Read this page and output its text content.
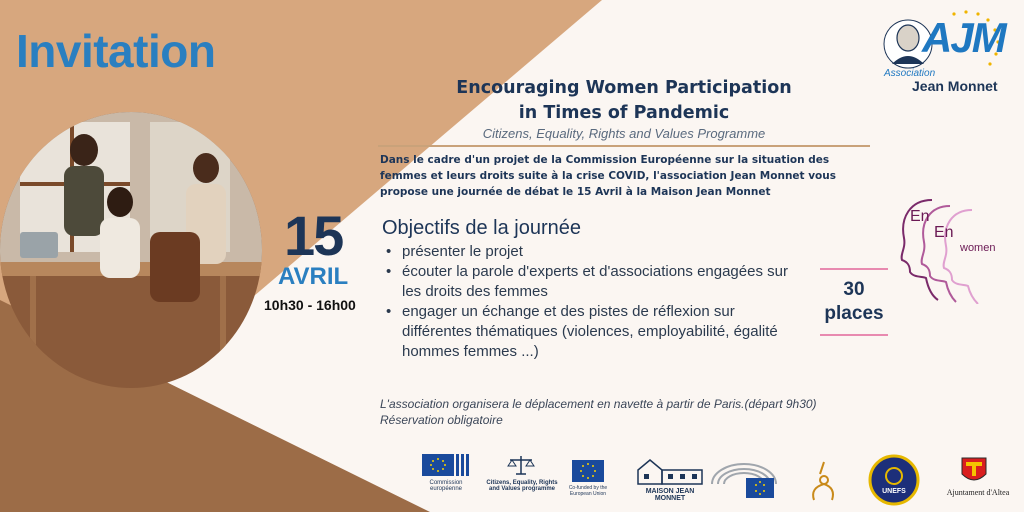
Invitation
15
AVRIL
10h30 - 16h00
Encouraging Women Participation
in Times of Pandemic
Citizens, Equality, Rights and Values Programme
Dans le cadre d'un projet de la Commission Européenne sur la situation des femmes et leurs droits suite à la crise COVID, l'association Jean Monnet vous propose une journée de débat le 15 Avril à la Maison Jean Monnet
Objectifs de la journée
• présenter le projet
• écouter la parole d'experts et d'associations engagées sur les droits des femmes
• engager un échange et des pistes de réflexion sur différentes thématiques (violences, employabilité, égalité hommes femmes ...)
30
places
L'association organisera le déplacement en navette à partir de Paris.(départ 9h30)
Réservation obligatoire
AJM
Association
Jean Monnet
En
En
women
Commission européenne
Citizens, Equality, Rights and Values programme	Co-funded by the European Union	MAISON JEAN MONNET
UNEFS	Ajuntament d'Altea
